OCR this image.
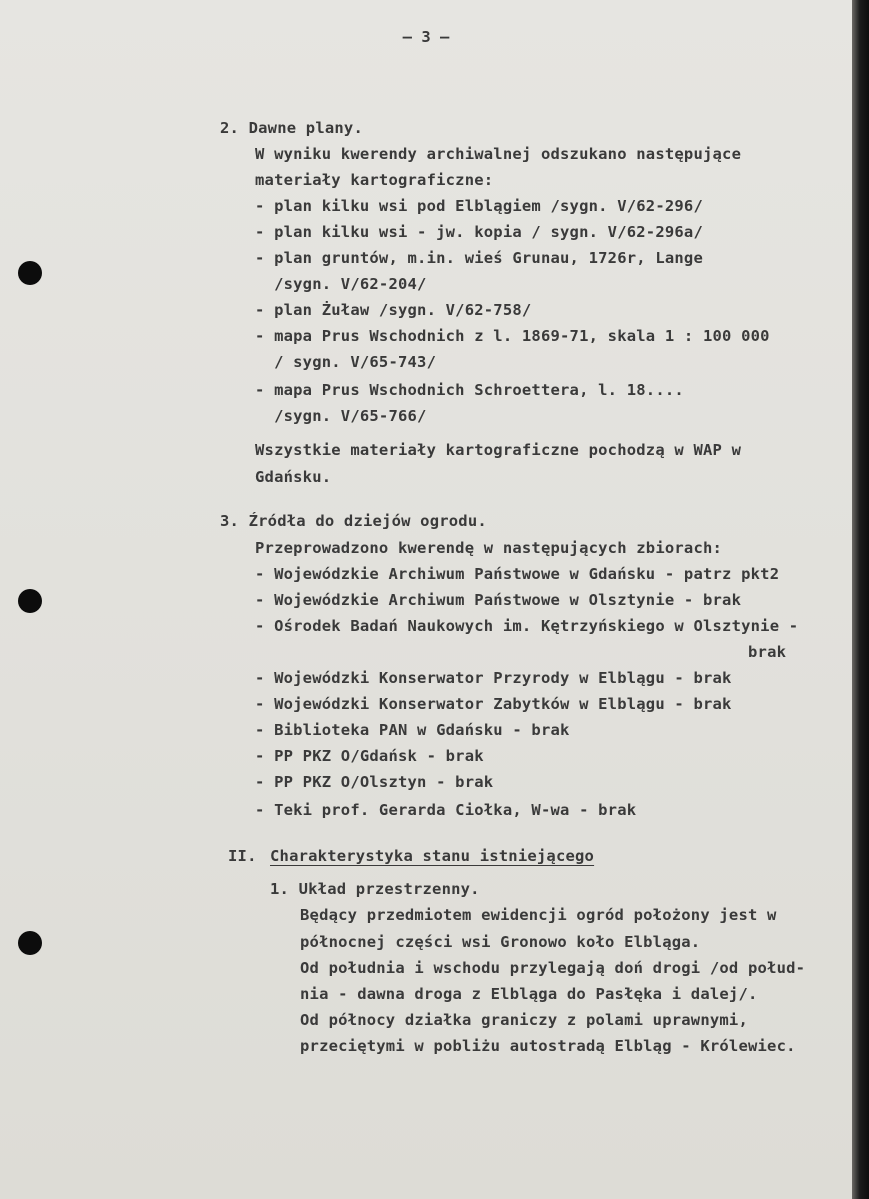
– 3 –
2. Dawne plany.
W wyniku kwerendy archiwalnej odszukano następujące
materiały kartograficzne:
- plan kilku wsi pod Elblągiem /sygn. V/62-296/
- plan kilku wsi - jw. kopia / sygn. V/62-296a/
- plan gruntów, m.in. wieś Grunau, 1726r, Lange
/sygn. V/62-204/
- plan Żuław /sygn. V/62-758/
- mapa Prus Wschodnich z l. 1869-71, skala 1 : 100 000
/ sygn. V/65-743/
- mapa Prus Wschodnich Schroettera, l. 18....
/sygn. V/65-766/
Wszystkie materiały kartograficzne pochodzą w WAP w
Gdańsku.
3. Źródła do dziejów ogrodu.
Przeprowadzono kwerendę w następujących zbiorach:
- Wojewódzkie Archiwum Państwowe w Gdańsku - patrz pkt2
- Wojewódzkie Archiwum Państwowe w Olsztynie - brak
- Ośrodek Badań Naukowych im. Kętrzyńskiego w Olsztynie -
brak
- Wojewódzki Konserwator Przyrody w Elblągu - brak
- Wojewódzki Konserwator Zabytków w Elblągu - brak
- Biblioteka PAN w Gdańsku - brak
- PP PKZ O/Gdańsk - brak
- PP PKZ O/Olsztyn - brak
- Teki prof. Gerarda Ciołka, W-wa - brak
II. Charakterystyka stanu istniejącego
1. Układ przestrzenny.
Będący przedmiotem ewidencji ogród położony jest w
północnej części wsi Gronowo koło Elbląga.
Od południa i wschodu przylegają doń drogi /od połud-
nia - dawna droga z Elbląga do Pasłęka i dalej/.
Od północy działka graniczy z polami uprawnymi,
przeciętymi w pobliżu autostradą Elbląg - Królewiec.
